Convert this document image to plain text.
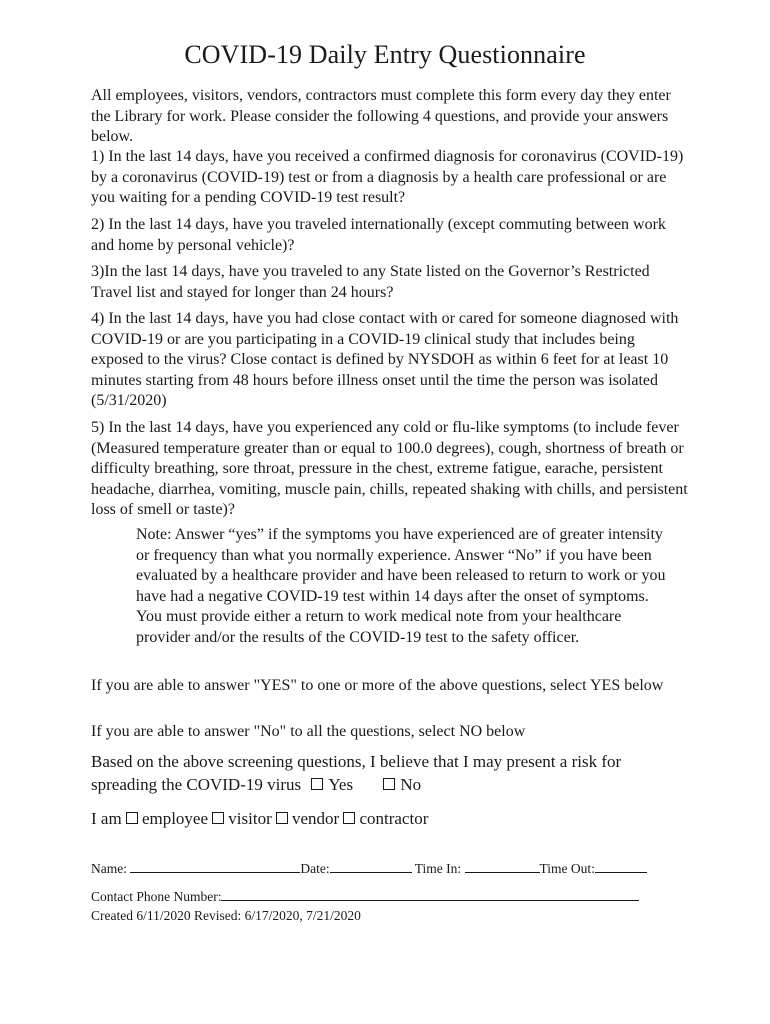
COVID-19 Daily Entry Questionnaire

All employees, visitors, vendors, contractors must complete this form every day they enter the Library for work. Please consider the following 4 questions, and provide your answers below.

1) In the last 14 days, have you received a confirmed diagnosis for coronavirus (COVID-19) by a coronavirus (COVID-19) test or from a diagnosis by a health care professional or are you waiting for a pending COVID-19 test result?

2) In the last 14 days, have you traveled internationally (except commuting between work and home by personal vehicle)?

3)In the last 14 days, have you traveled to any State listed on the Governor’s Restricted Travel list and stayed for longer than 24 hours?

4) In the last 14 days, have you had close contact with or cared for someone diagnosed with COVID-19 or are you participating in a COVID-19 clinical study that includes being exposed to the virus? Close contact is defined by NYSDOH as within 6 feet for at least 10 minutes starting from 48 hours before illness onset until the time the person was isolated (5/31/2020)

5) In the last 14 days, have you experienced any cold or flu-like symptoms (to include fever (Measured temperature greater than or equal to 100.0 degrees), cough, shortness of breath or difficulty breathing, sore throat, pressure in the chest, extreme fatigue, earache, persistent headache, diarrhea, vomiting, muscle pain, chills, repeated shaking with chills, and persistent loss of smell or taste)?

Note: Answer “yes” if the symptoms you have experienced are of greater intensity or frequency than what you normally experience. Answer “No” if you have been evaluated by a healthcare provider and have been released to return to work or you have had a negative COVID-19 test within 14 days after the onset of symptoms. You must provide either a return to work medical note from your healthcare provider and/or the results of the COVID-19 test to the safety officer.

If you are able to answer "YES" to one or more of the above questions, select YES below

If you are able to answer "No" to all the questions, select NO below

Based on the above screening questions, I believe that I may present a risk for

spreading the COVID-19 virus Yes	No

I am employee visitor vendor contractor

Name:	Date:	Time In:	Time Out:

Contact Phone Number:

Created 6/11/2020 Revised: 6/17/2020, 7/21/2020
